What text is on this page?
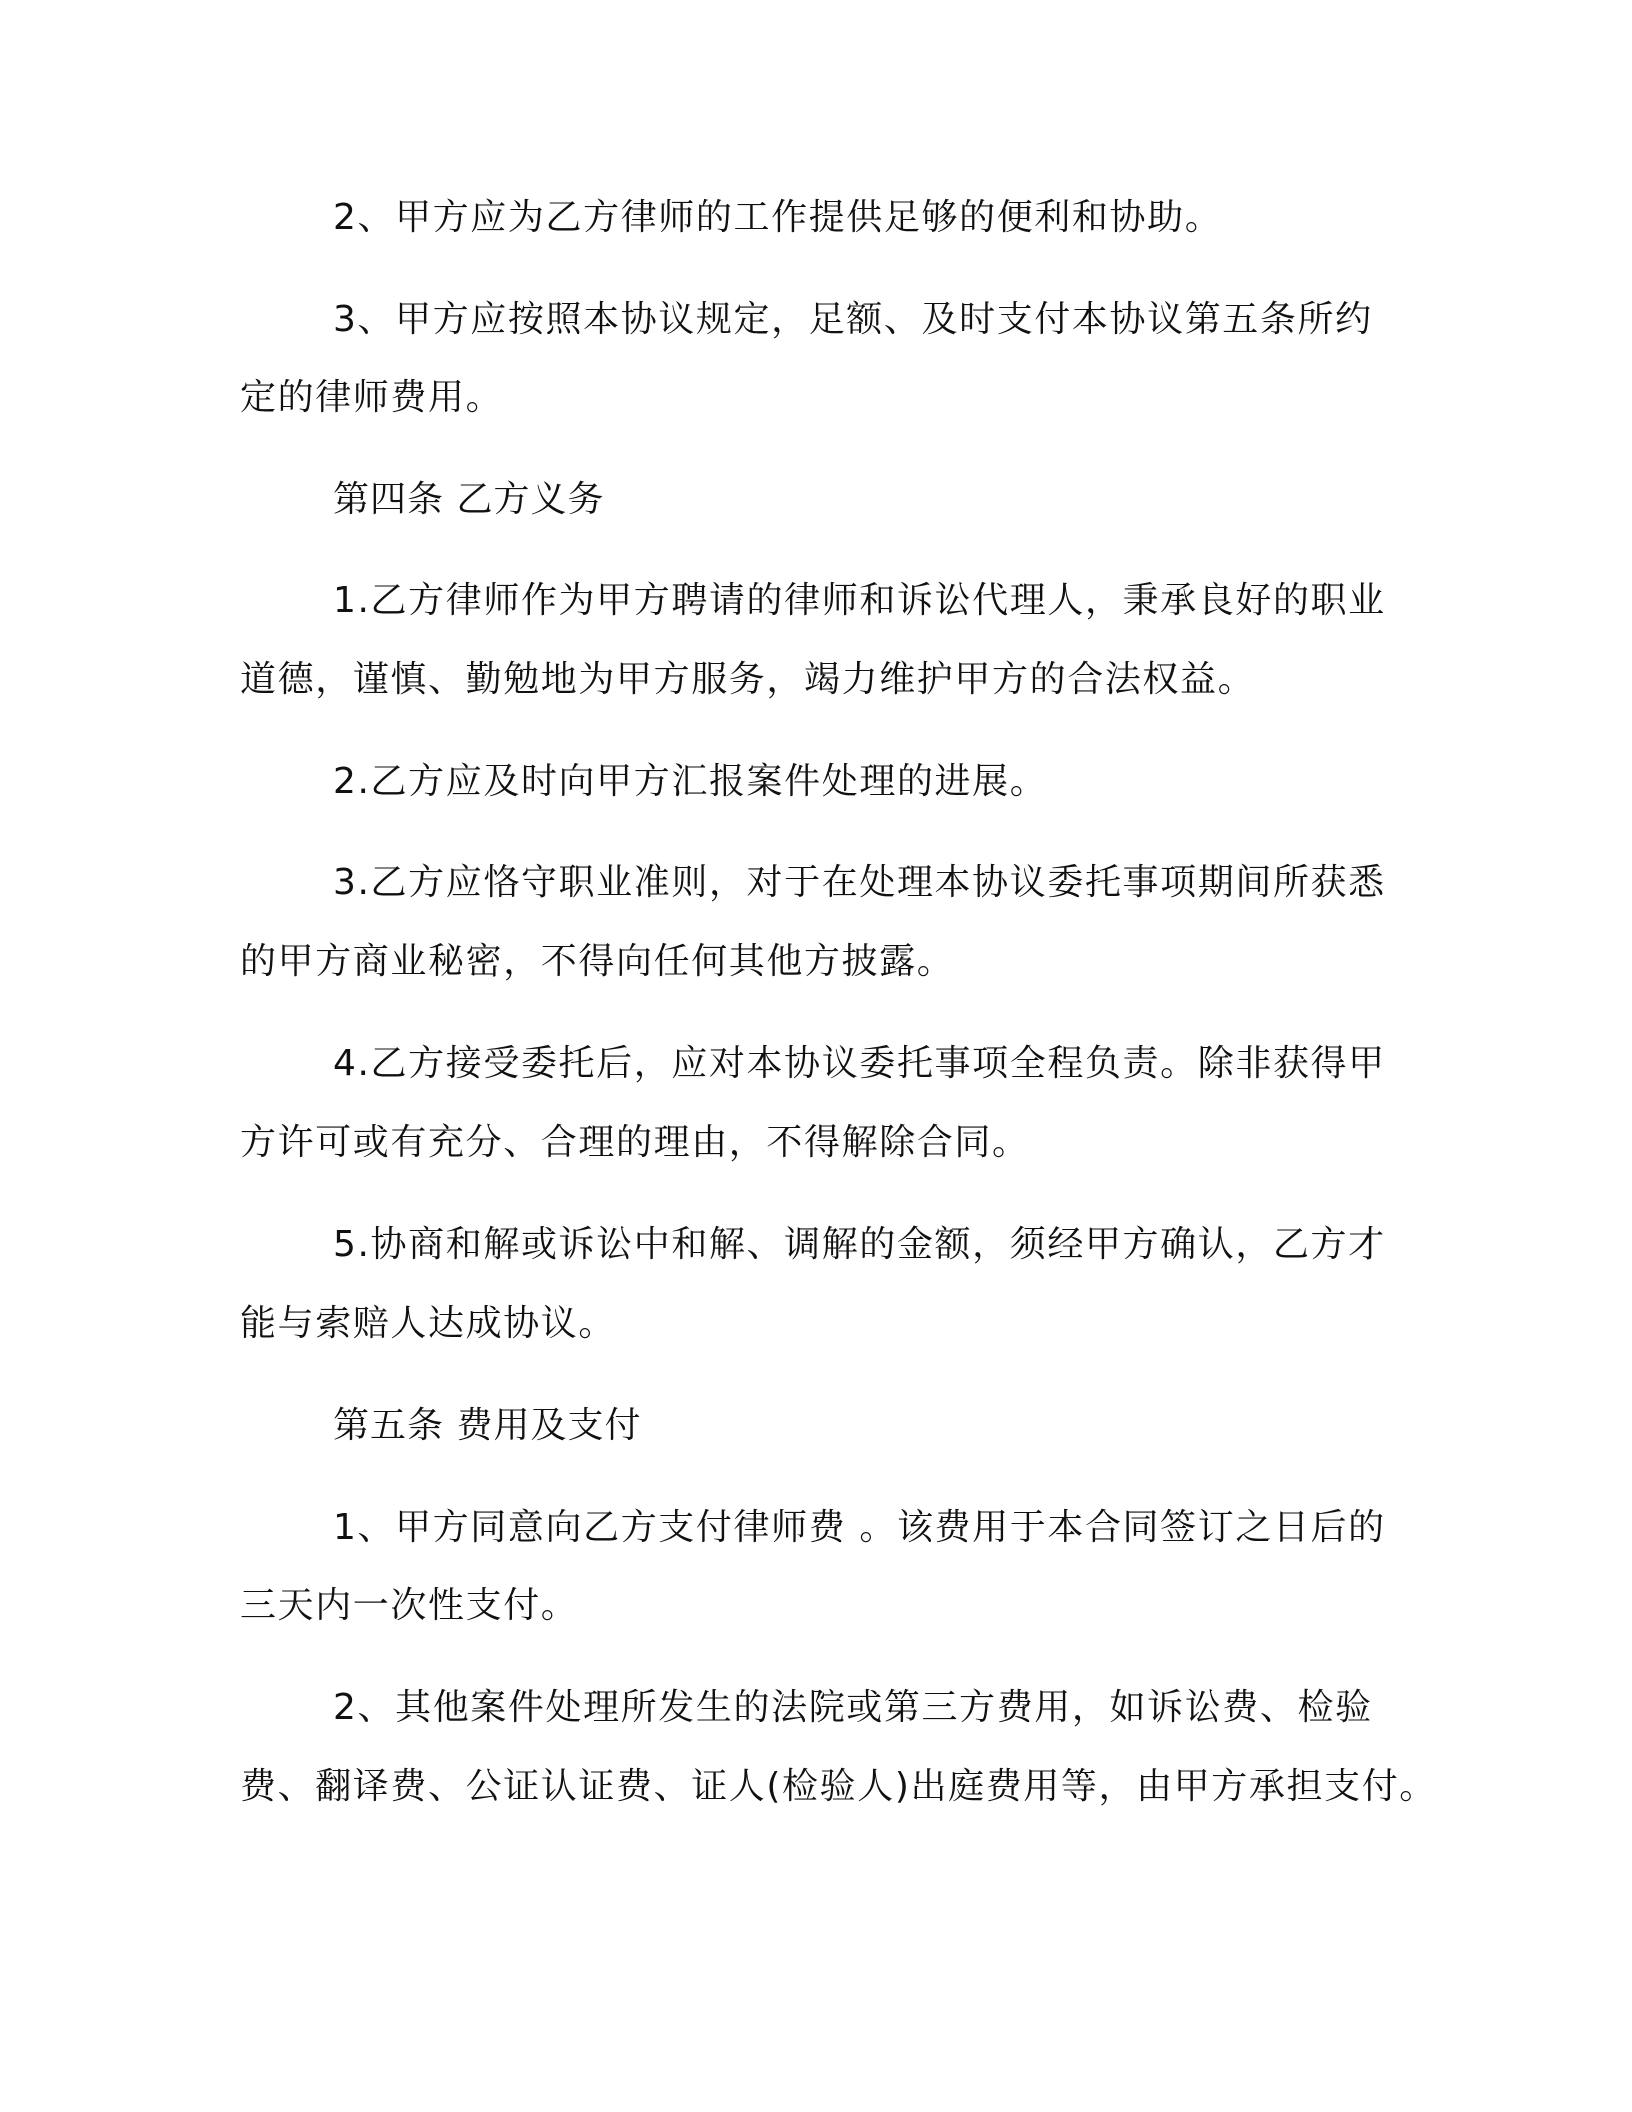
2、甲方应为乙方律师的工作提供足够的便利和协助。
3、甲方应按照本协议规定，足额、及时支付本协议第五条所约
定的律师费用。
第四条 乙方义务
1.乙方律师作为甲方聘请的律师和诉讼代理人，秉承良好的职业
道德，谨慎、勤勉地为甲方服务，竭力维护甲方的合法权益。
2.乙方应及时向甲方汇报案件处理的进展。
3.乙方应恪守职业准则，对于在处理本协议委托事项期间所获悉
的甲方商业秘密，不得向任何其他方披露。
4.乙方接受委托后，应对本协议委托事项全程负责。除非获得甲
方许可或有充分、合理的理由，不得解除合同。
5.协商和解或诉讼中和解、调解的金额，须经甲方确认，乙方才
能与索赔人达成协议。
第五条 费用及支付
1、甲方同意向乙方支付律师费 。该费用于本合同签订之日后的
三天内一次性支付。
2、其他案件处理所发生的法院或第三方费用，如诉讼费、检验
费、翻译费、公证认证费、证人(检验人)出庭费用等，由甲方承担支付。
